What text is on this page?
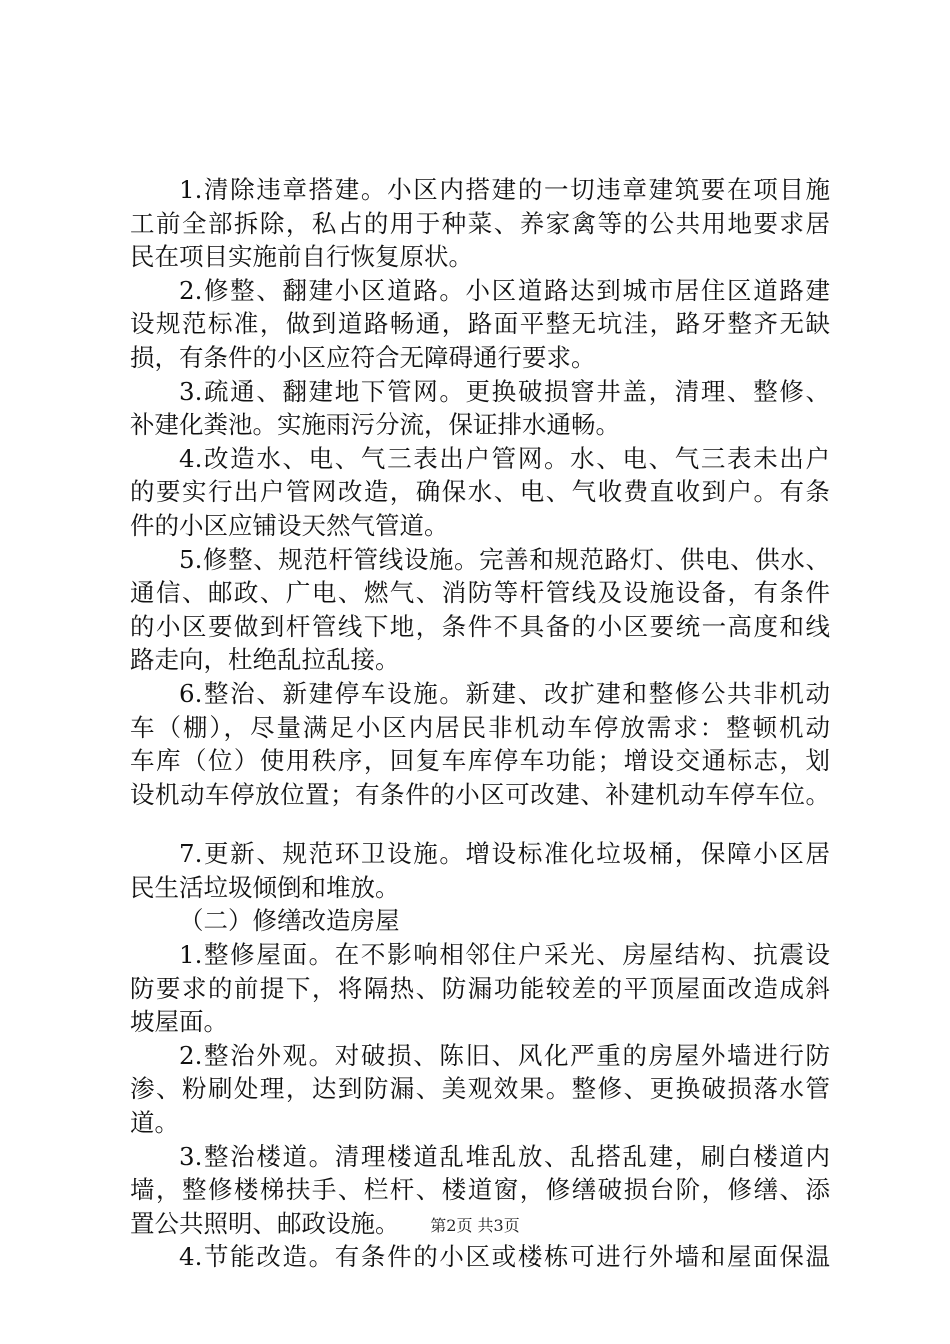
1.清除违章搭建。小区内搭建的一切违章建筑要在项目施
工前全部拆除，私占的用于种菜、养家禽等的公共用地要求居
民在项目实施前自行恢复原状。
2.修整、翻建小区道路。小区道路达到城市居住区道路建
设规范标准，做到道路畅通，路面平整无坑洼，路牙整齐无缺
损，有条件的小区应符合无障碍通行要求。
3.疏通、翻建地下管网。更换破损窨井盖，清理、整修、
补建化粪池。实施雨污分流，保证排水通畅。
4.改造水、电、气三表出户管网。水、电、气三表未出户
的要实行出户管网改造，确保水、电、气收费直收到户。有条
件的小区应铺设天然气管道。
5.修整、规范杆管线设施。完善和规范路灯、供电、供水、
通信、邮政、广电、燃气、消防等杆管线及设施设备，有条件
的小区要做到杆管线下地，条件不具备的小区要统一高度和线
路走向，杜绝乱拉乱接。
6.整治、新建停车设施。新建、改扩建和整修公共非机动
车（棚），尽量满足小区内居民非机动车停放需求：整顿机动
车库（位）使用秩序，回复车库停车功能；增设交通标志，划
设机动车停放位置；有条件的小区可改建、补建机动车停车位。
7.更新、规范环卫设施。增设标准化垃圾桶，保障小区居
民生活垃圾倾倒和堆放。
（二）修缮改造房屋
1.整修屋面。在不影响相邻住户采光、房屋结构、抗震设
防要求的前提下，将隔热、防漏功能较差的平顶屋面改造成斜
坡屋面。
2.整治外观。对破损、陈旧、风化严重的房屋外墙进行防
渗、粉刷处理，达到防漏、美观效果。整修、更换破损落水管
道。
3.整治楼道。清理楼道乱堆乱放、乱搭乱建，刷白楼道内
墙，整修楼梯扶手、栏杆、楼道窗，修缮破损台阶，修缮、添
置公共照明、邮政设施。
4.节能改造。有条件的小区或楼栋可进行外墙和屋面保温
第2页 共3页
